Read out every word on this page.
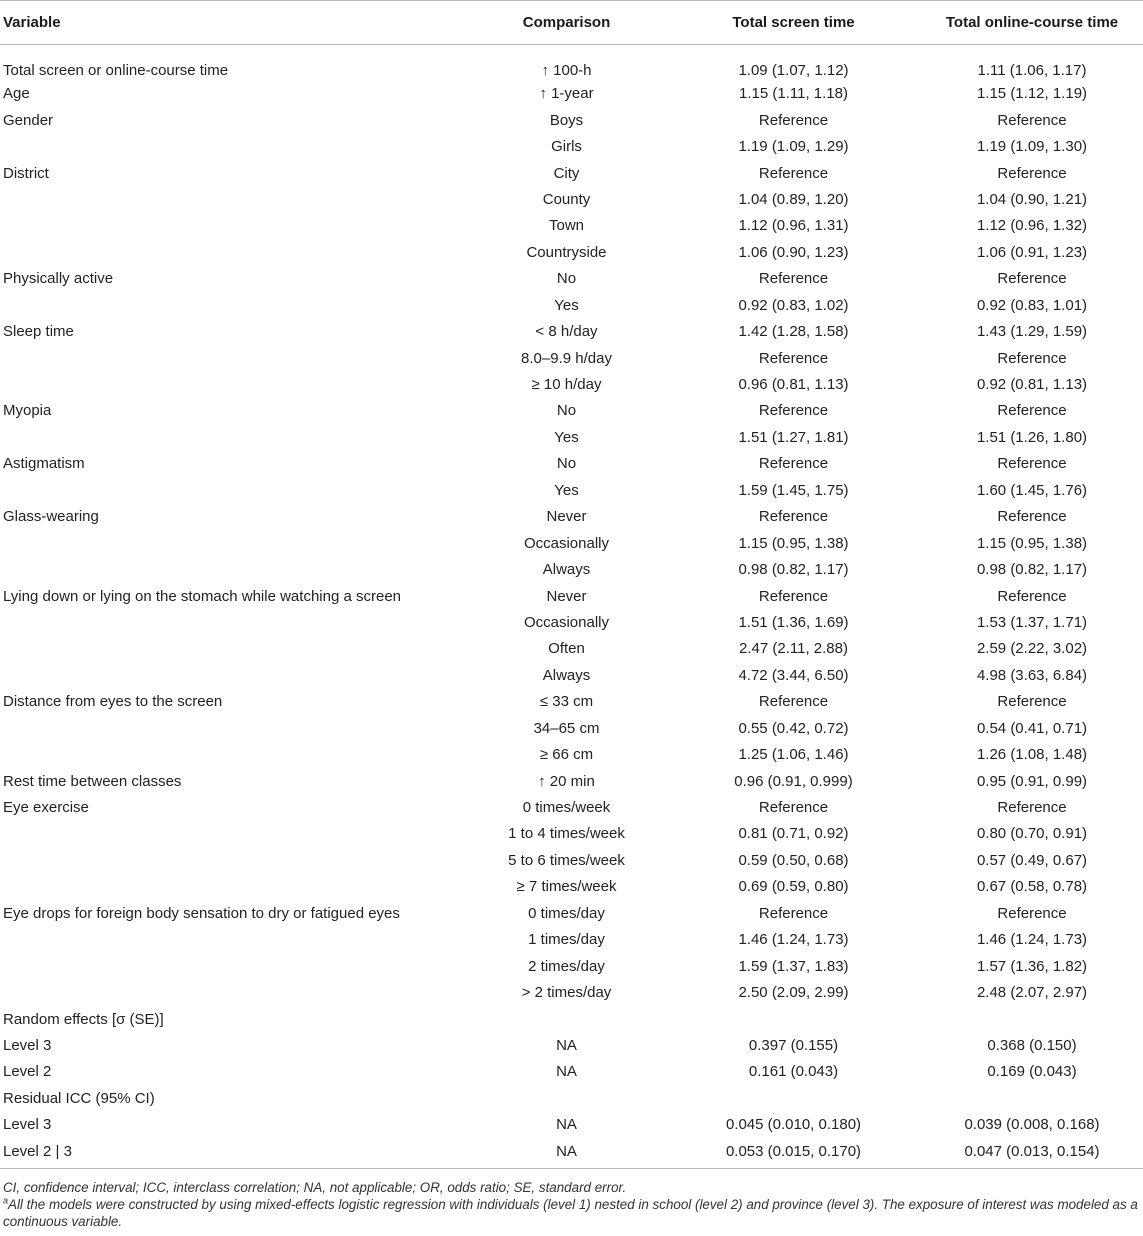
Variable	Comparison	Total screen time	Total online-course time
Total screen or online-course time	↑ 100-h	1.09 (1.07, 1.12)	1.11 (1.06, 1.17)
Age	↑ 1-year	1.15 (1.11, 1.18)	1.15 (1.12, 1.19)
Gender	Boys	Reference	Reference
	Girls	1.19 (1.09, 1.29)	1.19 (1.09, 1.30)
District	City	Reference	Reference
	County	1.04 (0.89, 1.20)	1.04 (0.90, 1.21)
	Town	1.12 (0.96, 1.31)	1.12 (0.96, 1.32)
	Countryside	1.06 (0.90, 1.23)	1.06 (0.91, 1.23)
Physically active	No	Reference	Reference
	Yes	0.92 (0.83, 1.02)	0.92 (0.83, 1.01)
Sleep time	< 8 h/day	1.42 (1.28, 1.58)	1.43 (1.29, 1.59)
	8.0–9.9 h/day	Reference	Reference
	≥ 10 h/day	0.96 (0.81, 1.13)	0.92 (0.81, 1.13)
Myopia	No	Reference	Reference
	Yes	1.51 (1.27, 1.81)	1.51 (1.26, 1.80)
Astigmatism	No	Reference	Reference
	Yes	1.59 (1.45, 1.75)	1.60 (1.45, 1.76)
Glass-wearing	Never	Reference	Reference
	Occasionally	1.15 (0.95, 1.38)	1.15 (0.95, 1.38)
	Always	0.98 (0.82, 1.17)	0.98 (0.82, 1.17)
Lying down or lying on the stomach while watching a screen	Never	Reference	Reference
	Occasionally	1.51 (1.36, 1.69)	1.53 (1.37, 1.71)
	Often	2.47 (2.11, 2.88)	2.59 (2.22, 3.02)
	Always	4.72 (3.44, 6.50)	4.98 (3.63, 6.84)
Distance from eyes to the screen	≤ 33 cm	Reference	Reference
	34–65 cm	0.55 (0.42, 0.72)	0.54 (0.41, 0.71)
	≥ 66 cm	1.25 (1.06, 1.46)	1.26 (1.08, 1.48)
Rest time between classes	↑ 20 min	0.96 (0.91, 0.999)	0.95 (0.91, 0.99)
Eye exercise	0 times/week	Reference	Reference
	1 to 4 times/week	0.81 (0.71, 0.92)	0.80 (0.70, 0.91)
	5 to 6 times/week	0.59 (0.50, 0.68)	0.57 (0.49, 0.67)
	≥ 7 times/week	0.69 (0.59, 0.80)	0.67 (0.58, 0.78)
Eye drops for foreign body sensation to dry or fatigued eyes	0 times/day	Reference	Reference
	1 times/day	1.46 (1.24, 1.73)	1.46 (1.24, 1.73)
	2 times/day	1.59 (1.37, 1.83)	1.57 (1.36, 1.82)
	> 2 times/day	2.50 (2.09, 2.99)	2.48 (2.07, 2.97)
Random effects [σ (SE)]			
Level 3	NA	0.397 (0.155)	0.368 (0.150)
Level 2	NA	0.161 (0.043)	0.169 (0.043)
Residual ICC (95% CI)			
Level 3	NA	0.045 (0.010, 0.180)	0.039 (0.008, 0.168)
Level 2 | 3	NA	0.053 (0.015, 0.170)	0.047 (0.013, 0.154)

CI, confidence interval; ICC, interclass correlation; NA, not applicable; OR, odds ratio; SE, standard error.

$^a$All the models were constructed by using mixed-effects logistic regression with individuals (level 1) nested in school (level 2) and province (level 3). The exposure of interest was modeled as a continuous variable.
